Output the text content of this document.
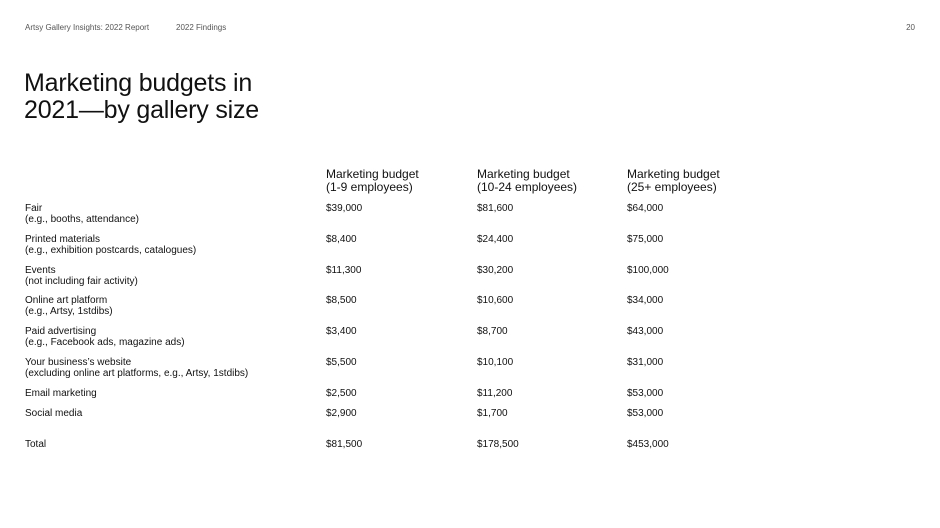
Artsy Gallery Insights: 2022 Report	2022 Findings	20
Marketing budgets in
2021—by gallery size
Marketing budget
(1-9 employees)
Marketing budget
(10-24 employees)
Marketing budget
(25+ employees)
Fair
(e.g., booths, attendance)
$39,000	$81,600	$64,000
Printed materials
(e.g., exhibition postcards, catalogues)
$8,400	$24,400	$75,000
Events
(not including fair activity)
$11,300	$30,200	$100,000
Online art platform
(e.g., Artsy, 1stdibs)
$8,500	$10,600	$34,000
Paid advertising
(e.g., Facebook ads, magazine ads)
$3,400	$8,700	$43,000
Your business’s website
(excluding online art platforms, e.g., Artsy, 1stdibs)
$5,500	$10,100	$31,000
Email marketing	$2,500	$11,200	$53,000
Social media	$2,900	$1,700	$53,000
Total	$81,500	$178,500	$453,000
